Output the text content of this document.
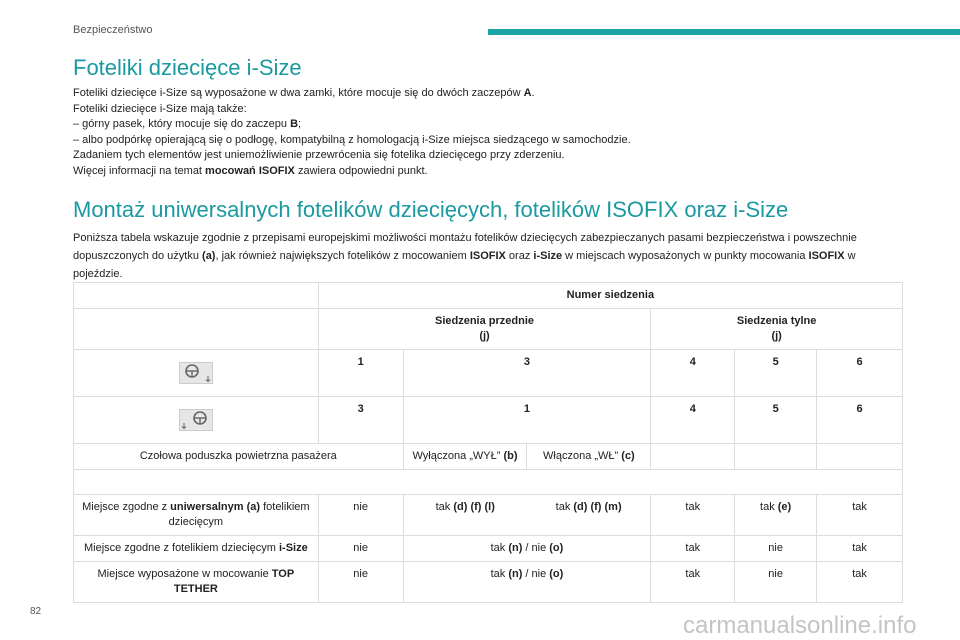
Bezpieczeństwo
Foteliki dziecięce i-Size

Foteliki dziecięce i-Size są wyposażone w dwa zamki, które mocuje się do dwóch zaczepów A.

Foteliki dziecięce i-Size mają także:

– górny pasek, który mocuje się do zaczepu B;

– albo podpórkę opierającą się o podłogę, kompatybilną z homologacją i-Size miejsca siedzącego w samochodzie.

Zadaniem tych elementów jest uniemożliwienie przewrócenia się fotelika dziecięcego przy zderzeniu.

Więcej informacji na temat mocowań ISOFIX zawiera odpowiedni punkt.

Montaż uniwersalnych fotelików dziecięcych, fotelików ISOFIX oraz i-Size

Poniższa tabela wskazuje zgodnie z przepisami europejskimi możliwości montażu fotelików dziecięcych zabezpieczanych pasami bezpieczeństwa i powszechnie dopuszczonych do użytku (a), jak również największych fotelików z mocowaniem ISOFIX oraz i-Size w miejscach wyposażonych w punkty mocowania ISOFIX w pojeździe.

	Numer siedzenia				
	Siedzenia przednie
(j)		Siedzenia tylne
(j)		
	1	3	4	5	6
	3	1	4	5	6
Czołowa poduszka powietrzna pasażera		Wyłączona „WYŁ” (b) Włączona „WŁ” (c)			

Miejsce zgodne z uniwersalnym (a) fotelikiem dziecięcym	nie	tak (d) (f) (l) tak (d) (f) (m)	tak	tak (e)	tak
Miejsce zgodne z fotelikiem dziecięcym i-Size	nie	tak (n) / nie (o)	tak	nie	tak
Miejsce wyposażone w mocowanie TOP TETHER	nie	tak (n) / nie (o)	tak	nie	tak
82
carmanualsonline.info
